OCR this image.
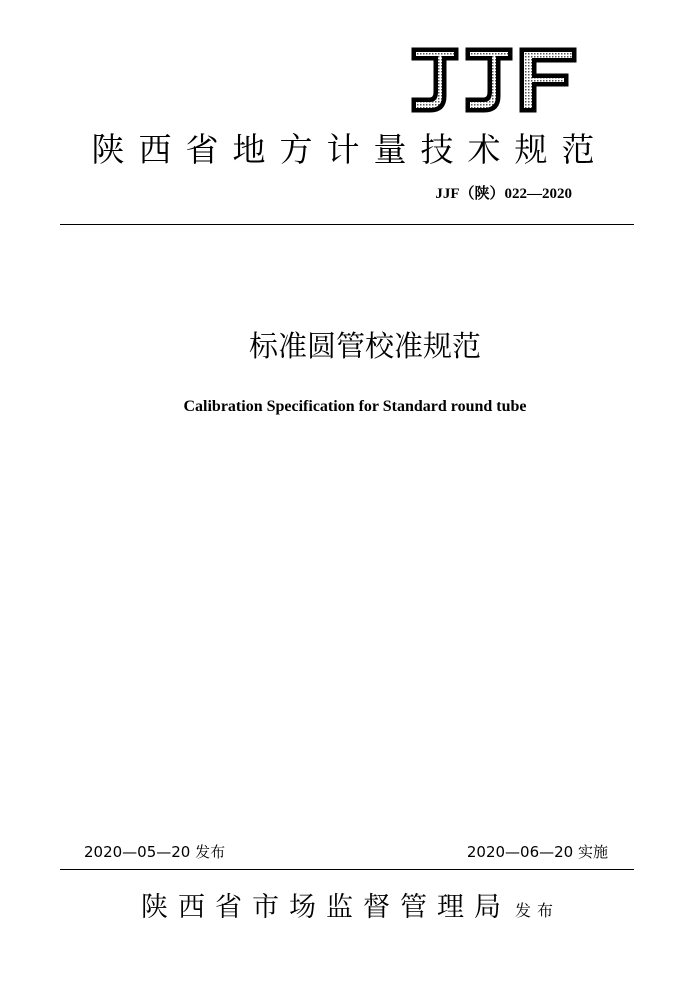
陕西省地方计量技术规范
JJF（陕）022—2020
标准圆管校准规范
Calibration Specification for Standard round tube
2020—05—20 发布	2020—06—20 实施
陕西省市场监督管理局 发布
